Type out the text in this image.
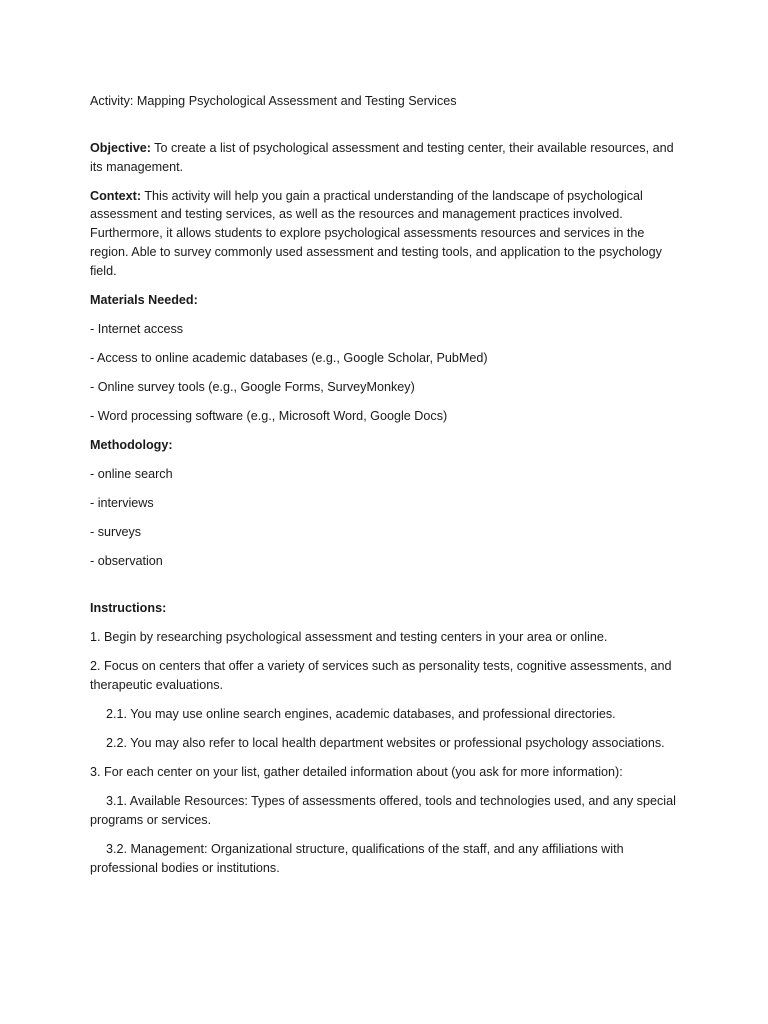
Activity: Mapping Psychological Assessment and Testing Services

Objective: To create a list of psychological assessment and testing center, their available resources, and its management.

Context: This activity will help you gain a practical understanding of the landscape of psychological assessment and testing services, as well as the resources and management practices involved. Furthermore, it allows students to explore psychological assessments resources and services in the region. Able to survey commonly used assessment and testing tools, and application to the psychology field.

Materials Needed:

- Internet access

- Access to online academic databases (e.g., Google Scholar, PubMed)

- Online survey tools (e.g., Google Forms, SurveyMonkey)

- Word processing software (e.g., Microsoft Word, Google Docs)

Methodology:

- online search

- interviews

- surveys

- observation

Instructions:

1. Begin by researching psychological assessment and testing centers in your area or online.

2. Focus on centers that offer a variety of services such as personality tests, cognitive assessments, and therapeutic evaluations.

2.1. You may use online search engines, academic databases, and professional directories.

2.2. You may also refer to local health department websites or professional psychology associations.

3. For each center on your list, gather detailed information about (you ask for more information):

3.1. Available Resources: Types of assessments offered, tools and technologies used, and any special programs or services.

3.2. Management: Organizational structure, qualifications of the staff, and any affiliations with professional bodies or institutions.
